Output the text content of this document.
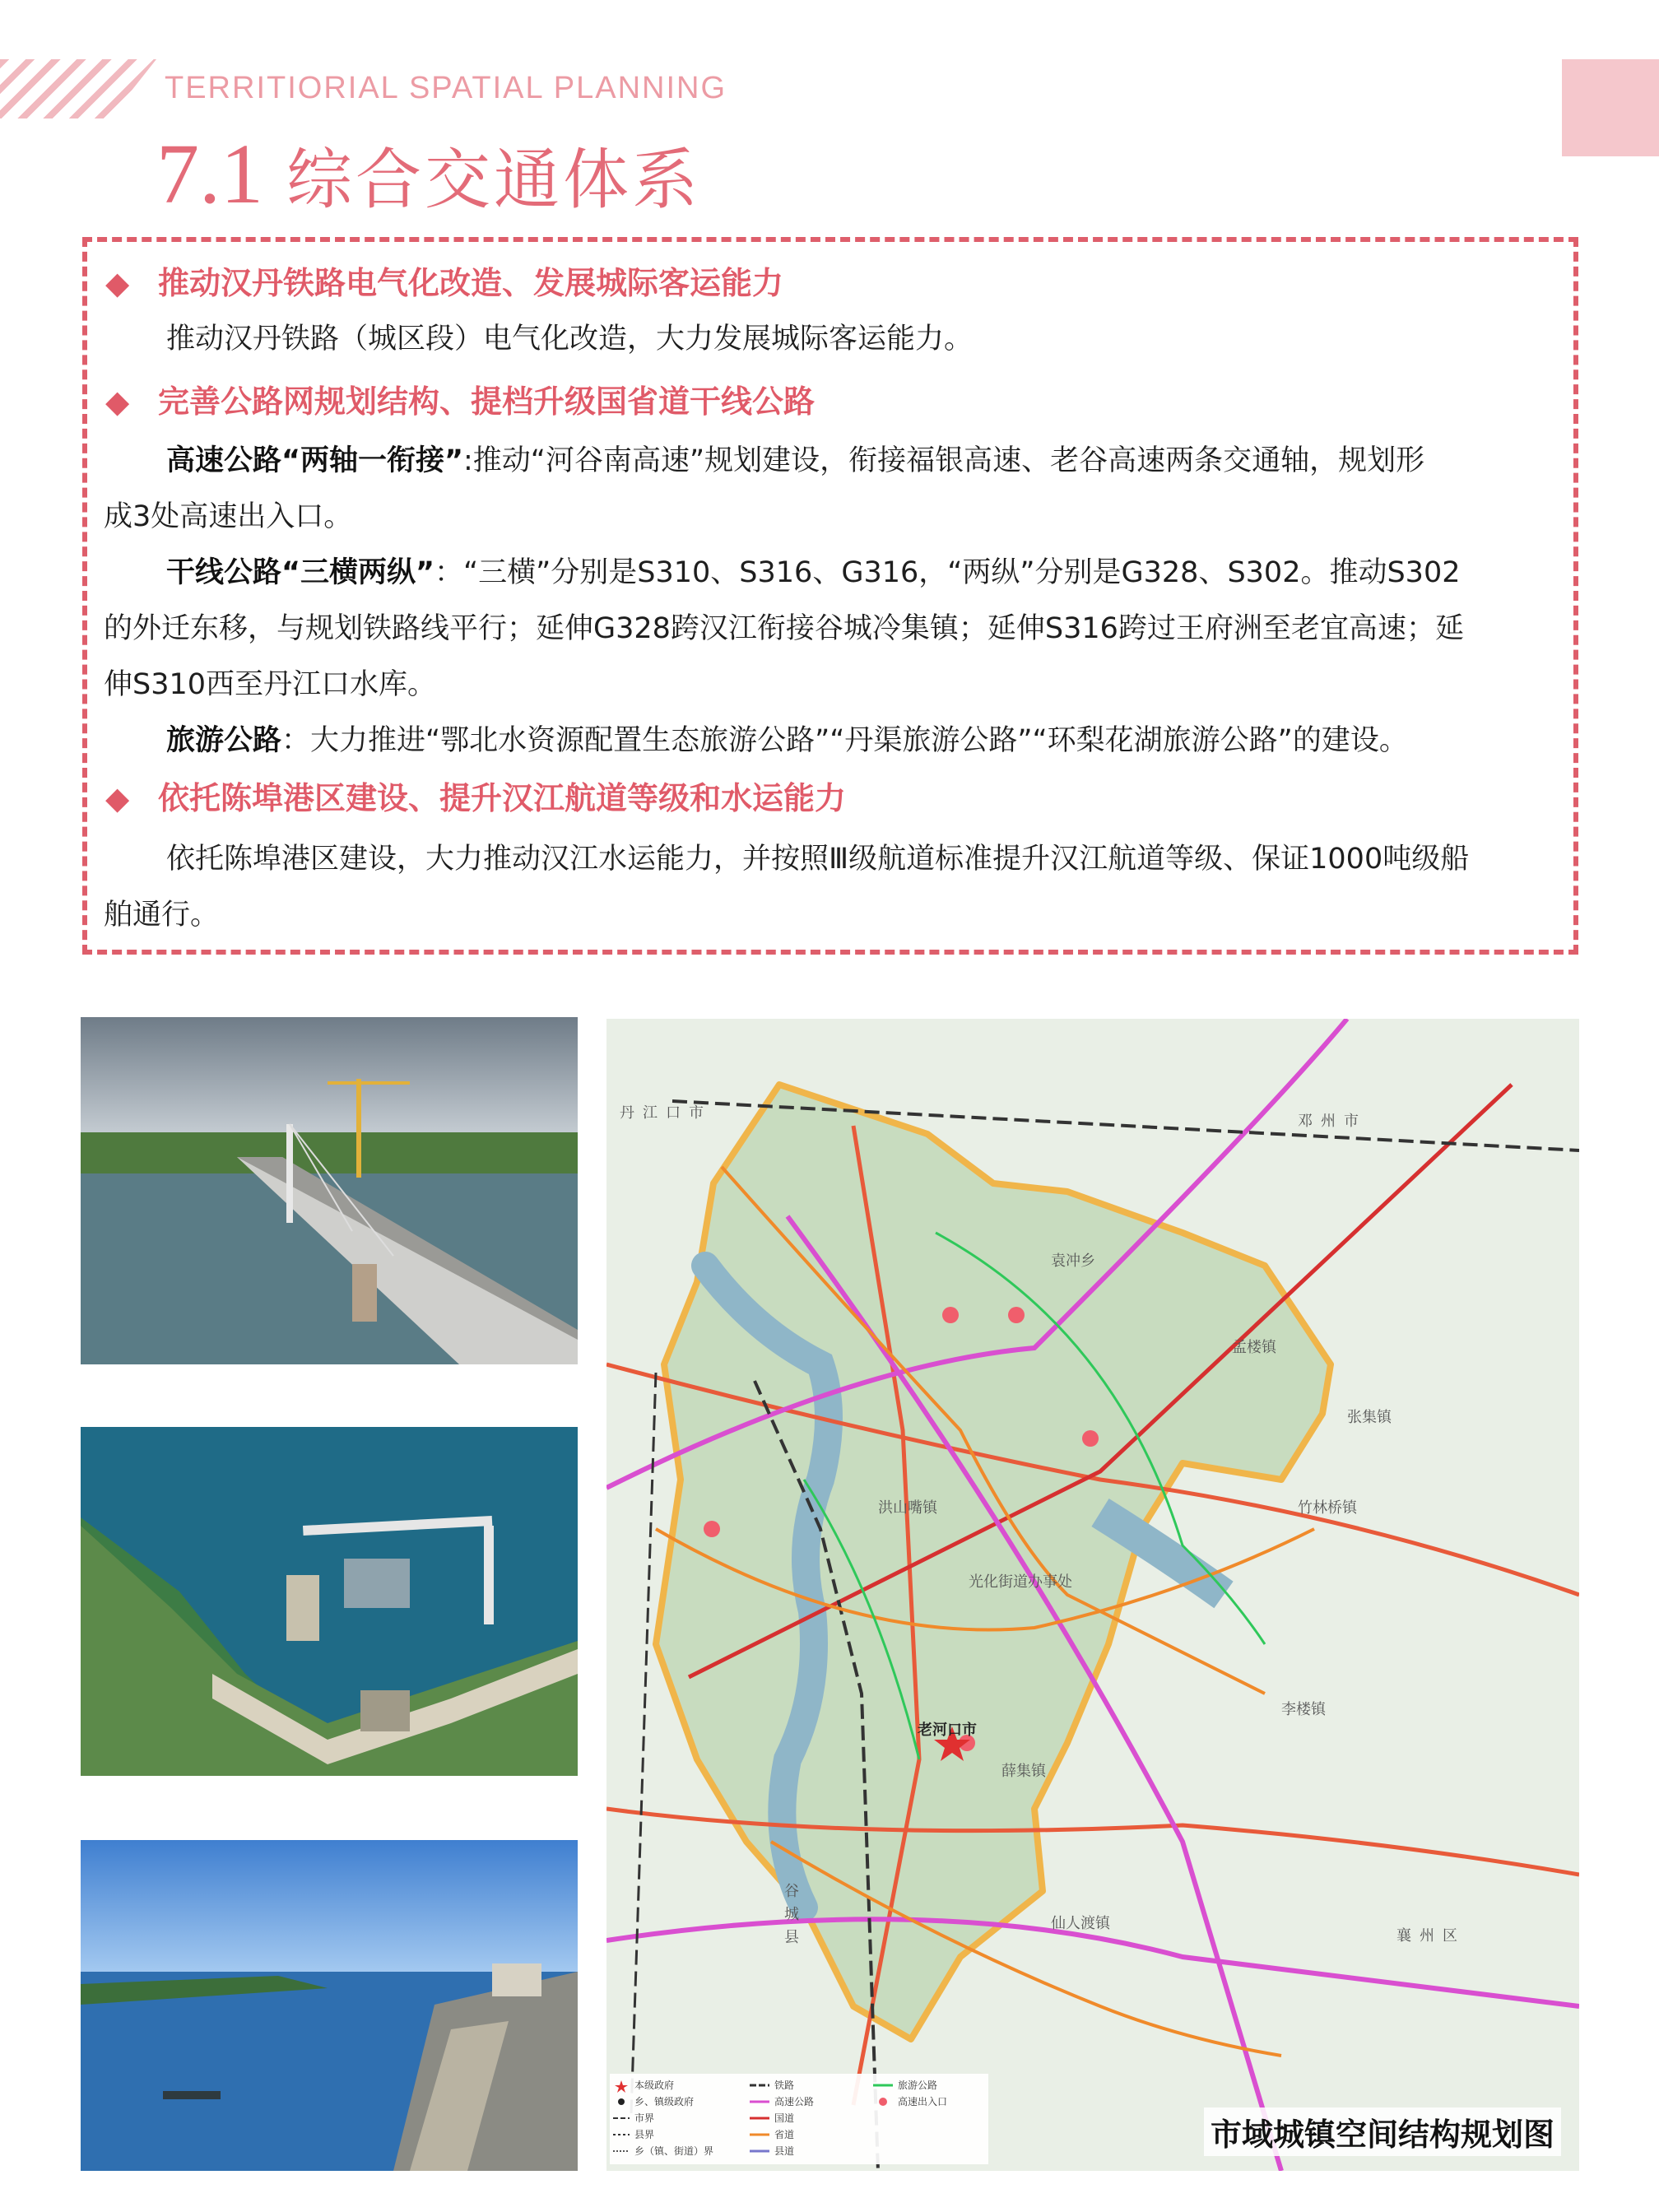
TERRITIORIAL SPATIAL PLANNING
7.1 综合交通体系
◆ 推动汉丹铁路电气化改造、发展城际客运能力
推动汉丹铁路（城区段）电气化改造，大力发展城际客运能力。
◆ 完善公路网规划结构、提档升级国省道干线公路
高速公路“两轴一衔接”:推动“河谷南高速”规划建设，衔接福银高速、老谷高速两条交通轴，规划形
成3处高速出入口。
干线公路“三横两纵”：“三横”分别是S310、S316、G316，“两纵”分别是G328、S302。推动S302
的外迁东移，与规划铁路线平行；延伸G328跨汉江衔接谷城冷集镇；延伸S316跨过王府洲至老宜高速；延
伸S310西至丹江口水库。
旅游公路：大力推进“鄂北水资源配置生态旅游公路”“丹渠旅游公路”“环梨花湖旅游公路”的建设。
◆ 依托陈埠港区建设、提升汉江航道等级和水运能力
依托陈埠港区建设，大力推动汉江水运能力，并按照Ⅲ级航道标准提升汉江航道等级、保证1000吨级船
舶通行。
丹江口市	邓州市
襄州区
谷城县
老河口市
孟楼镇
竹林桥镇
仙人渡镇
袁冲乡
光化街道办事处
洪山嘴镇
李楼镇
张集镇
薛集镇
本级政府
乡、镇级政府
市界
县界
乡（镇、街道）界
铁路
高速公路
国道
省道
县道
旅游公路
高速出入口
市域城镇空间结构规划图
